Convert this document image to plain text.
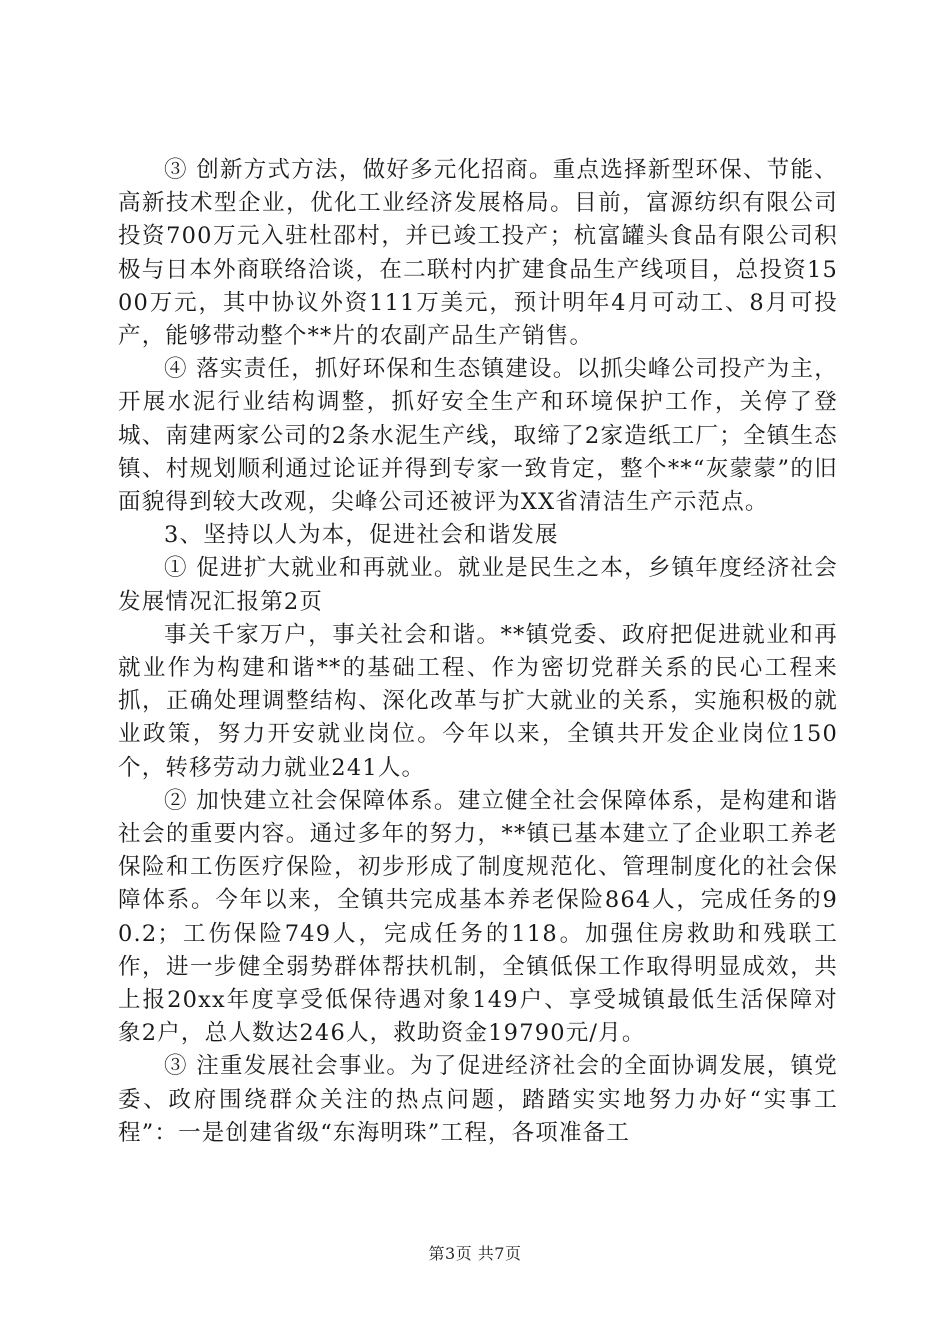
③ 创新方式方法，做好多元化招商。重点选择新型环保、节能、高新技术型企业，优化工业经济发展格局。目前，富源纺织有限公司投资700万元入驻杜邵村，并已竣工投产；杭富罐头食品有限公司积极与日本外商联络洽谈，在二联村内扩建食品生产线项目，总投资1500万元，其中协议外资111万美元，预计明年4月可动工、8月可投产，能够带动整个**片的农副产品生产销售。

④ 落实责任，抓好环保和生态镇建设。以抓尖峰公司投产为主，开展水泥行业结构调整，抓好安全生产和环境保护工作，关停了登城、南建两家公司的2条水泥生产线，取缔了2家造纸工厂；全镇生态镇、村规划顺利通过论证并得到专家一致肯定，整个**“灰蒙蒙”的旧面貌得到较大改观，尖峰公司还被评为XX省清洁生产示范点。

3、坚持以人为本，促进社会和谐发展

① 促进扩大就业和再就业。就业是民生之本，乡镇年度经济社会发展情况汇报第2页

事关千家万户，事关社会和谐。**镇党委、政府把促进就业和再就业作为构建和谐**的基础工程、作为密切党群关系的民心工程来抓，正确处理调整结构、深化改革与扩大就业的关系，实施积极的就业政策，努力开安就业岗位。今年以来，全镇共开发企业岗位150个，转移劳动力就业241人。

② 加快建立社会保障体系。建立健全社会保障体系，是构建和谐社会的重要内容。通过多年的努力，**镇已基本建立了企业职工养老保险和工伤医疗保险，初步形成了制度规范化、管理制度化的社会保障体系。今年以来，全镇共完成基本养老保险864人，完成任务的90.2；工伤保险749人，完成任务的118。加强住房救助和残联工作，进一步健全弱势群体帮扶机制，全镇低保工作取得明显成效，共上报20xx年度享受低保待遇对象149户、享受城镇最低生活保障对象2户，总人数达246人，救助资金19790元/月。

③ 注重发展社会事业。为了促进经济社会的全面协调发展，镇党委、政府围绕群众关注的热点问题，踏踏实实地努力办好“实事工程”：一是创建省级“东海明珠”工程，各项准备工

第3页 共7页
